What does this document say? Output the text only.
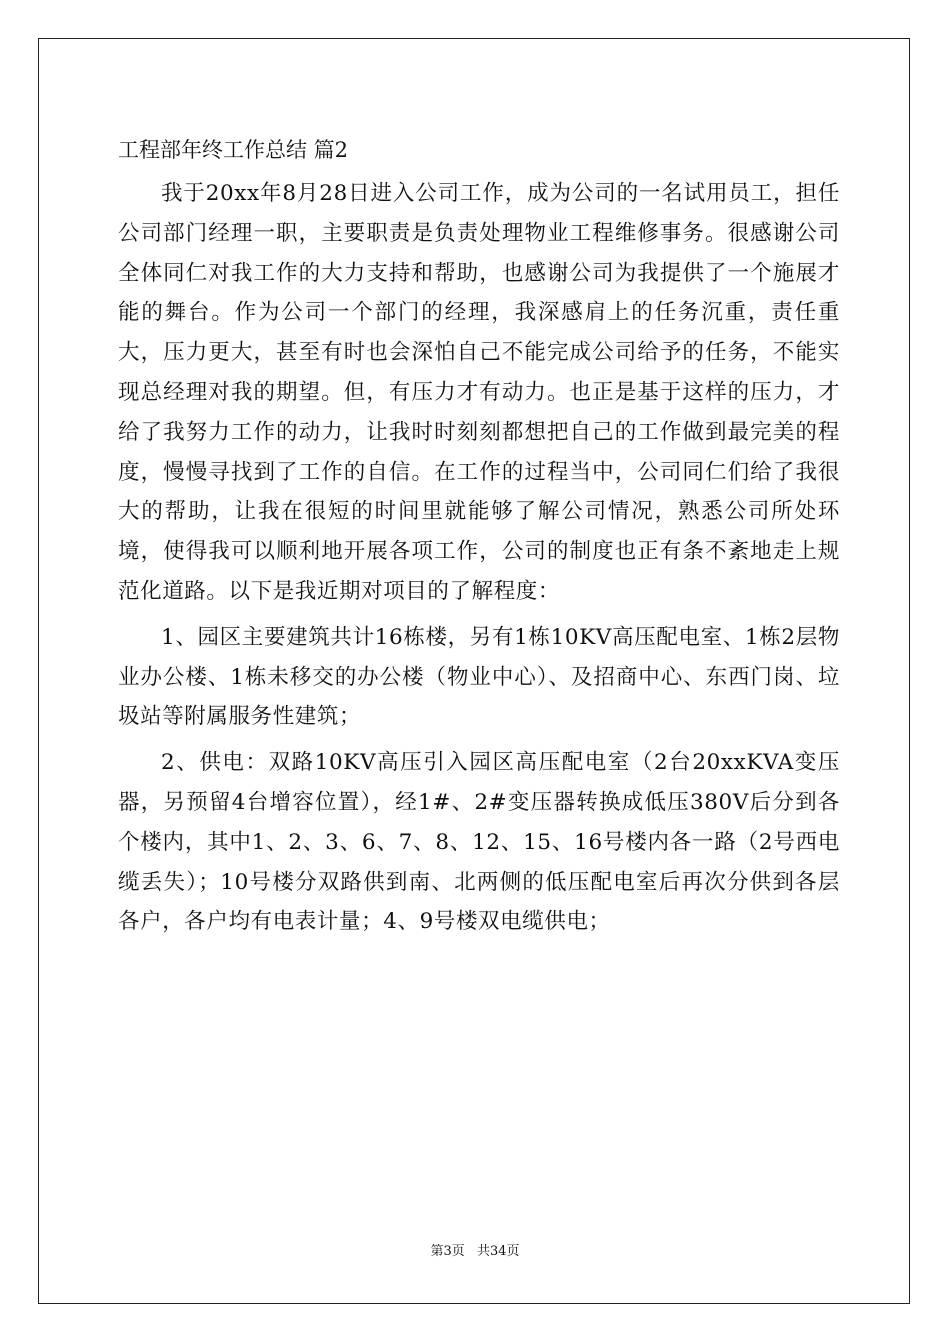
工程部年终工作总结 篇2

我于20xx年8月28日进入公司工作，成为公司的一名试用员工，担任公司部门经理一职，主要职责是负责处理物业工程维修事务。很感谢公司全体同仁对我工作的大力支持和帮助，也感谢公司为我提供了一个施展才能的舞台。作为公司一个部门的经理，我深感肩上的任务沉重，责任重大，压力更大，甚至有时也会深怕自己不能完成公司给予的任务，不能实现总经理对我的期望。但，有压力才有动力。也正是基于这样的压力，才给了我努力工作的动力，让我时时刻刻都想把自己的工作做到最完美的程度，慢慢寻找到了工作的自信。在工作的过程当中，公司同仁们给了我很大的帮助，让我在很短的时间里就能够了解公司情况，熟悉公司所处环境，使得我可以顺利地开展各项工作，公司的制度也正有条不紊地走上规范化道路。以下是我近期对项目的了解程度：

1、园区主要建筑共计16栋楼，另有1栋10KV高压配电室、1栋2层物业办公楼、1栋未移交的办公楼（物业中心）、及招商中心、东西门岗、垃圾站等附属服务性建筑；

2、供电：双路10KV高压引入园区高压配电室（2台20xxKVA变压器，另预留4台增容位置），经1#、2#变压器转换成低压380V后分到各个楼内，其中1、2、3、6、7、8、12、15、16号楼内各一路（2号西电缆丢失）；10号楼分双路供到南、北两侧的低压配电室后再次分供到各层各户，各户均有电表计量；4、9号楼双电缆供电；

第3页 共34页
